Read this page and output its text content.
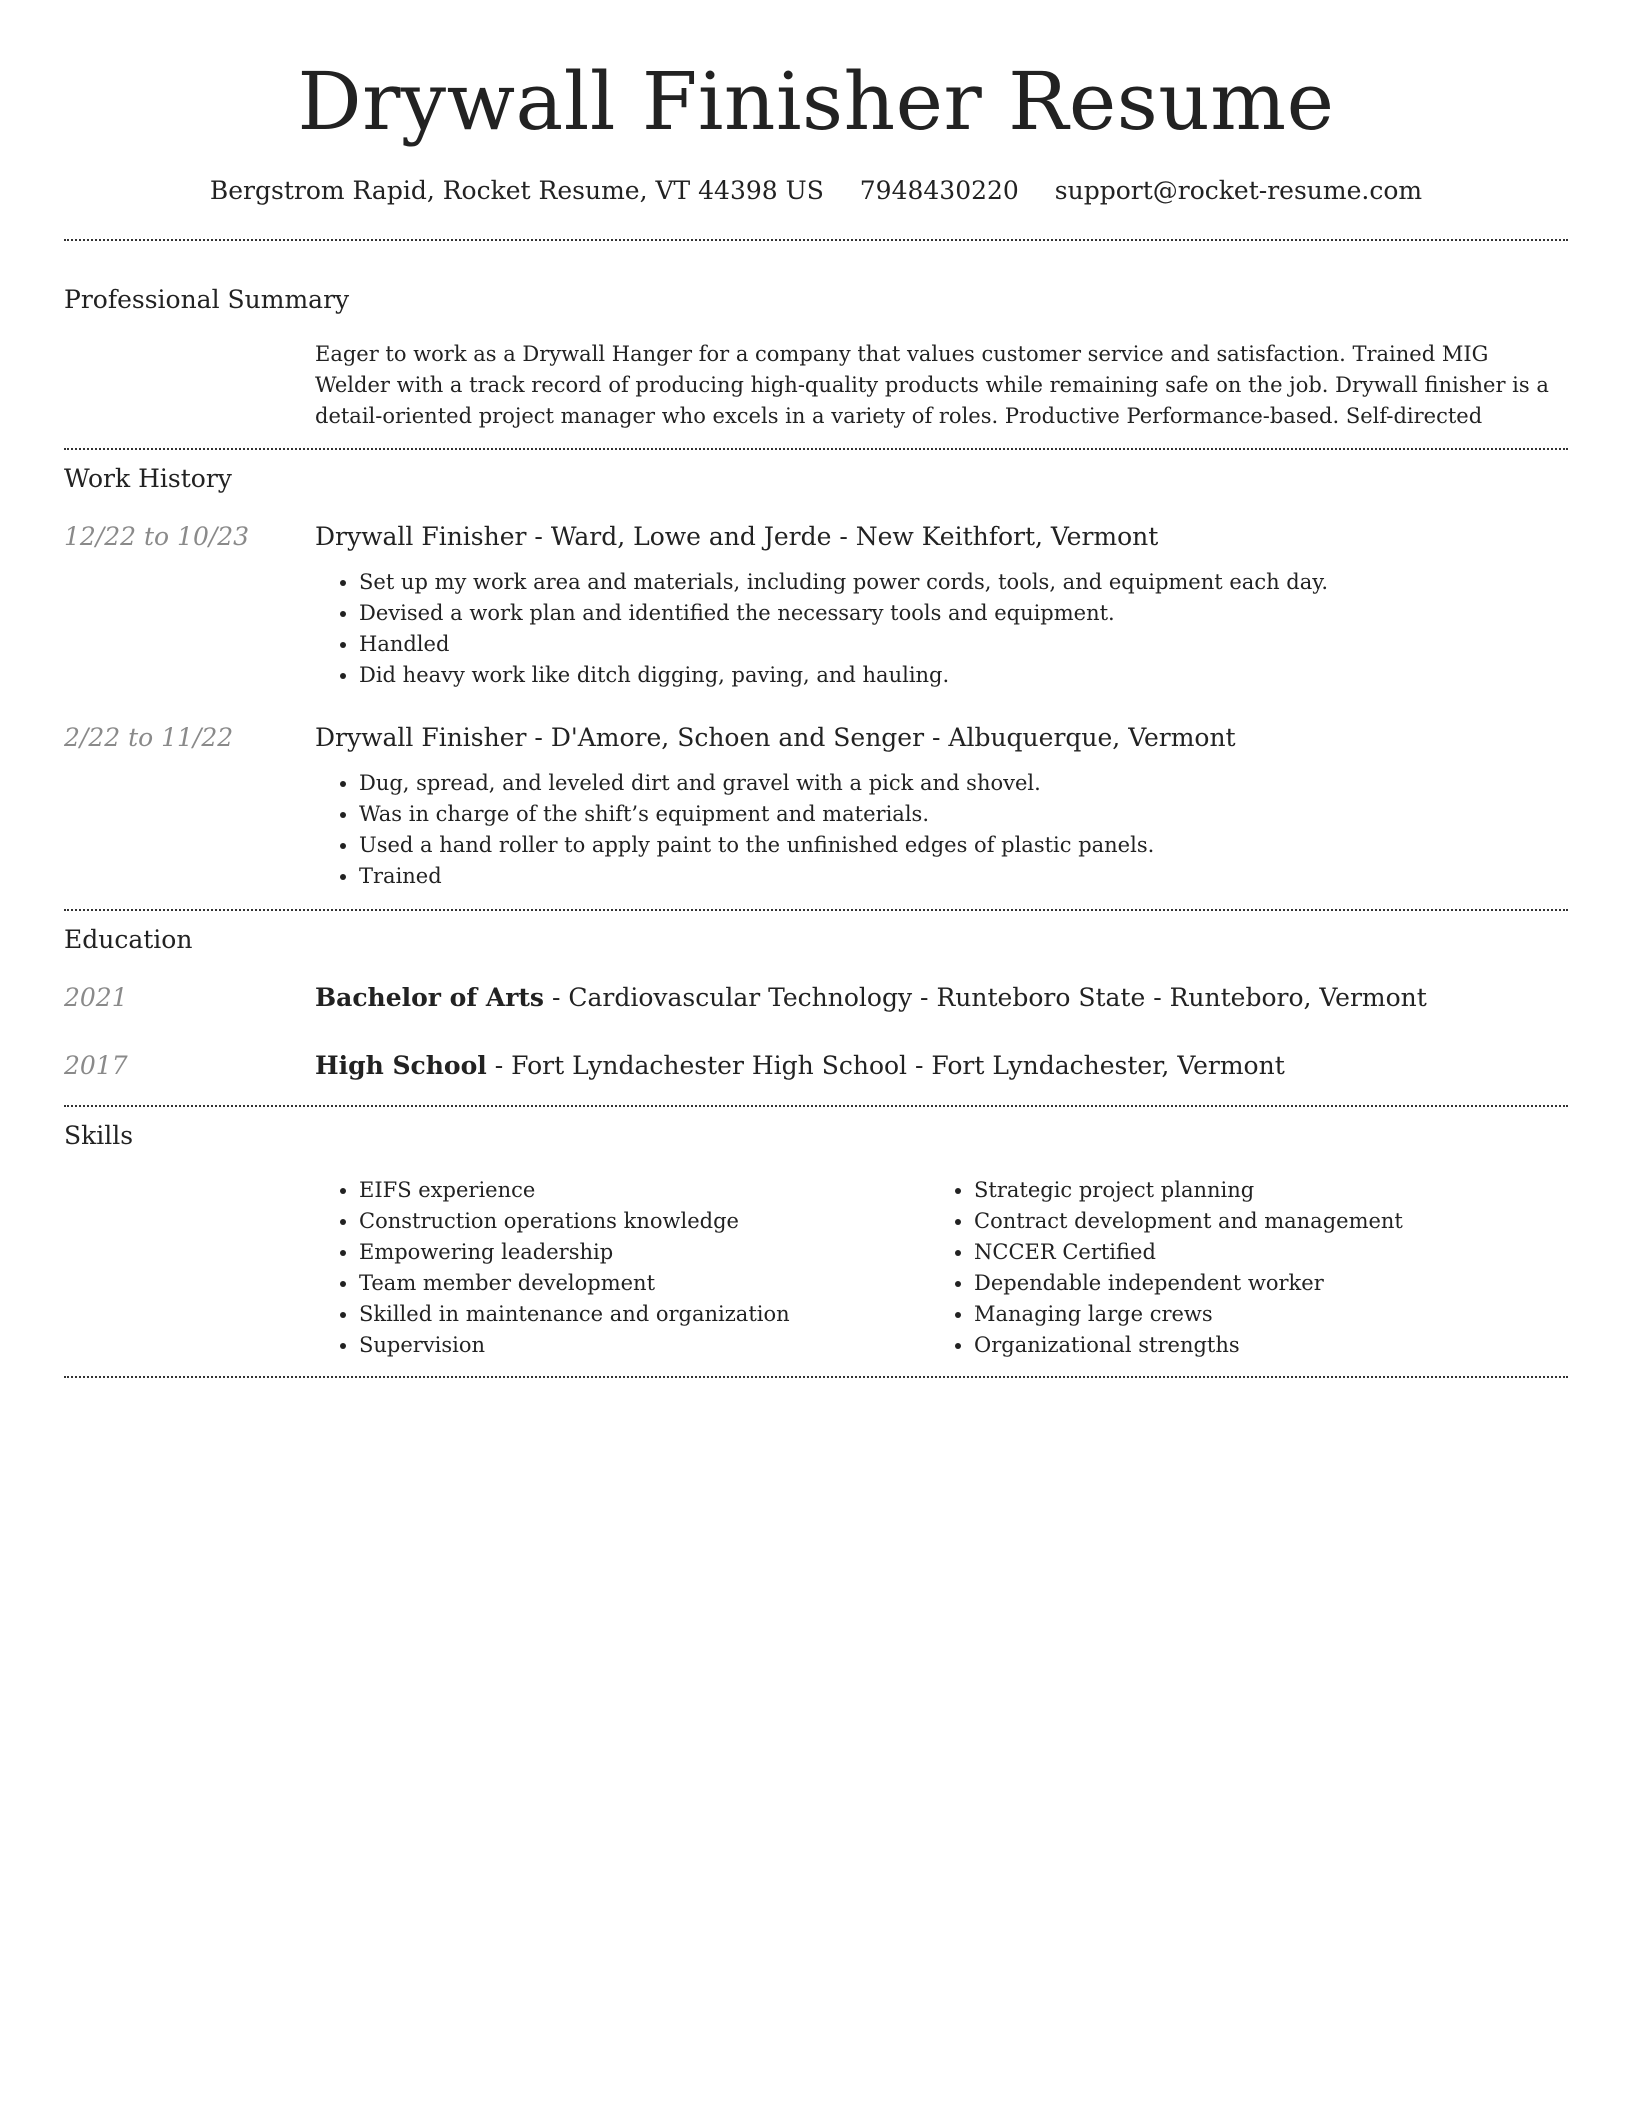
Drywall Finisher Resume
Bergstrom Rapid, Rocket Resume, VT 44398 US 7948430220 support@rocket-resume.com
Professional Summary
Eager to work as a Drywall Hanger for a company that values customer service and satisfaction. Trained MIG Welder with a track record of producing high-quality products while remaining safe on the job. Drywall finisher is a detail-oriented project manager who excels in a variety of roles. Productive Performance-based. Self-directed
Work History
12/22 to 10/23	Drywall Finisher - Ward, Lowe and Jerde - New Keithfort, Vermont
• Set up my work area and materials, including power cords, tools, and equipment each day.
• Devised a work plan and identified the necessary tools and equipment.
• Handled
• Did heavy work like ditch digging, paving, and hauling.
2/22 to 11/22	Drywall Finisher - D'Amore, Schoen and Senger - Albuquerque, Vermont
• Dug, spread, and leveled dirt and gravel with a pick and shovel.
• Was in charge of the shift’s equipment and materials.
• Used a hand roller to apply paint to the unfinished edges of plastic panels.
• Trained
Education
2021	Bachelor of Arts - Cardiovascular Technology - Runteboro State - Runteboro, Vermont
2017	High School - Fort Lyndachester High School - Fort Lyndachester, Vermont
Skills
• EIFS experience
• Construction operations knowledge
• Empowering leadership
• Team member development
• Skilled in maintenance and organization
• Supervision
• Strategic project planning
• Contract development and management
• NCCER Certified
• Dependable independent worker
• Managing large crews
• Organizational strengths
